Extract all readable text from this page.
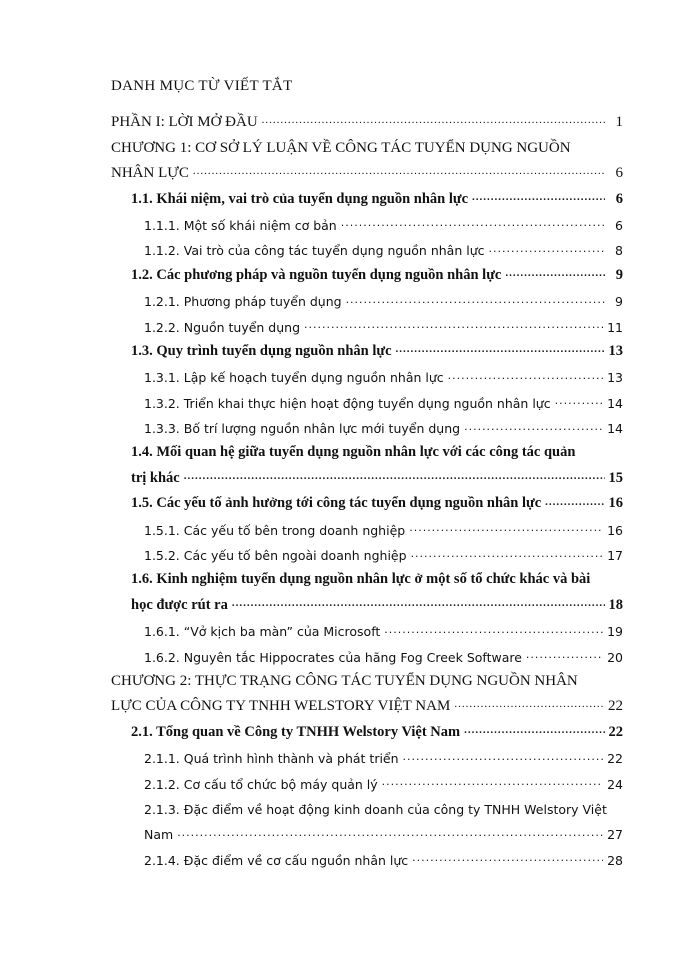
DANH MỤC TỪ VIẾT TẮT
PHẦN I: LỜI MỞ ĐẦU .....	1
CHƯƠNG 1: CƠ SỞ LÝ LUẬN VỀ CÔNG TÁC TUYỂN DỤNG NGUỒN
NHÂN LỰC .....	6
1.1. Khái niệm, vai trò của tuyển dụng nguồn nhân lực .....	6
1.1.1. Một số khái niệm cơ bản .....	6
1.1.2. Vai trò của công tác tuyển dụng nguồn nhân lực .....	8
1.2. Các phương pháp và nguồn tuyển dụng nguồn nhân lực .....	9
1.2.1. Phương pháp tuyển dụng .....	9
1.2.2. Nguồn tuyển dụng .....	11
1.3. Quy trình tuyển dụng nguồn nhân lực .....	13
1.3.1. Lập kế hoạch tuyển dụng nguồn nhân lực .....	13
1.3.2. Triển khai thực hiện hoạt động tuyển dụng nguồn nhân lực .....	14
1.3.3. Bố trí lượng nguồn nhân lực mới tuyển dụng .....	14
1.4. Mối quan hệ giữa tuyển dụng nguồn nhân lực với các công tác quản
trị khác .....	15
1.5. Các yếu tố ảnh hưởng tới công tác tuyển dụng nguồn nhân lực .....	16
1.5.1. Các yếu tố bên trong doanh nghiệp .....	16
1.5.2. Các yếu tố bên ngoài doanh nghiệp .....	17
1.6. Kinh nghiệm tuyển dụng nguồn nhân lực ở một số tổ chức khác và bài
học được rút ra .....	18
1.6.1. “Vở kịch ba màn” của Microsoft .....	19
1.6.2. Nguyên tắc Hippocrates của hãng Fog Creek Software .....	20
CHƯƠNG 2: THỰC TRẠNG CÔNG TÁC TUYỂN DỤNG NGUỒN NHÂN
LỰC CỦA CÔNG TY TNHH WELSTORY VIỆT NAM .....	22
2.1. Tổng quan về Công ty TNHH Welstory Việt Nam .....	22
2.1.1. Quá trình hình thành và phát triển .....	22
2.1.2. Cơ cấu tổ chức bộ máy quản lý .....	24
2.1.3. Đặc điểm về hoạt động kinh doanh của công ty TNHH Welstory Việt
Nam .....	27
2.1.4. Đặc điểm về cơ cấu nguồn nhân lực .....	28
